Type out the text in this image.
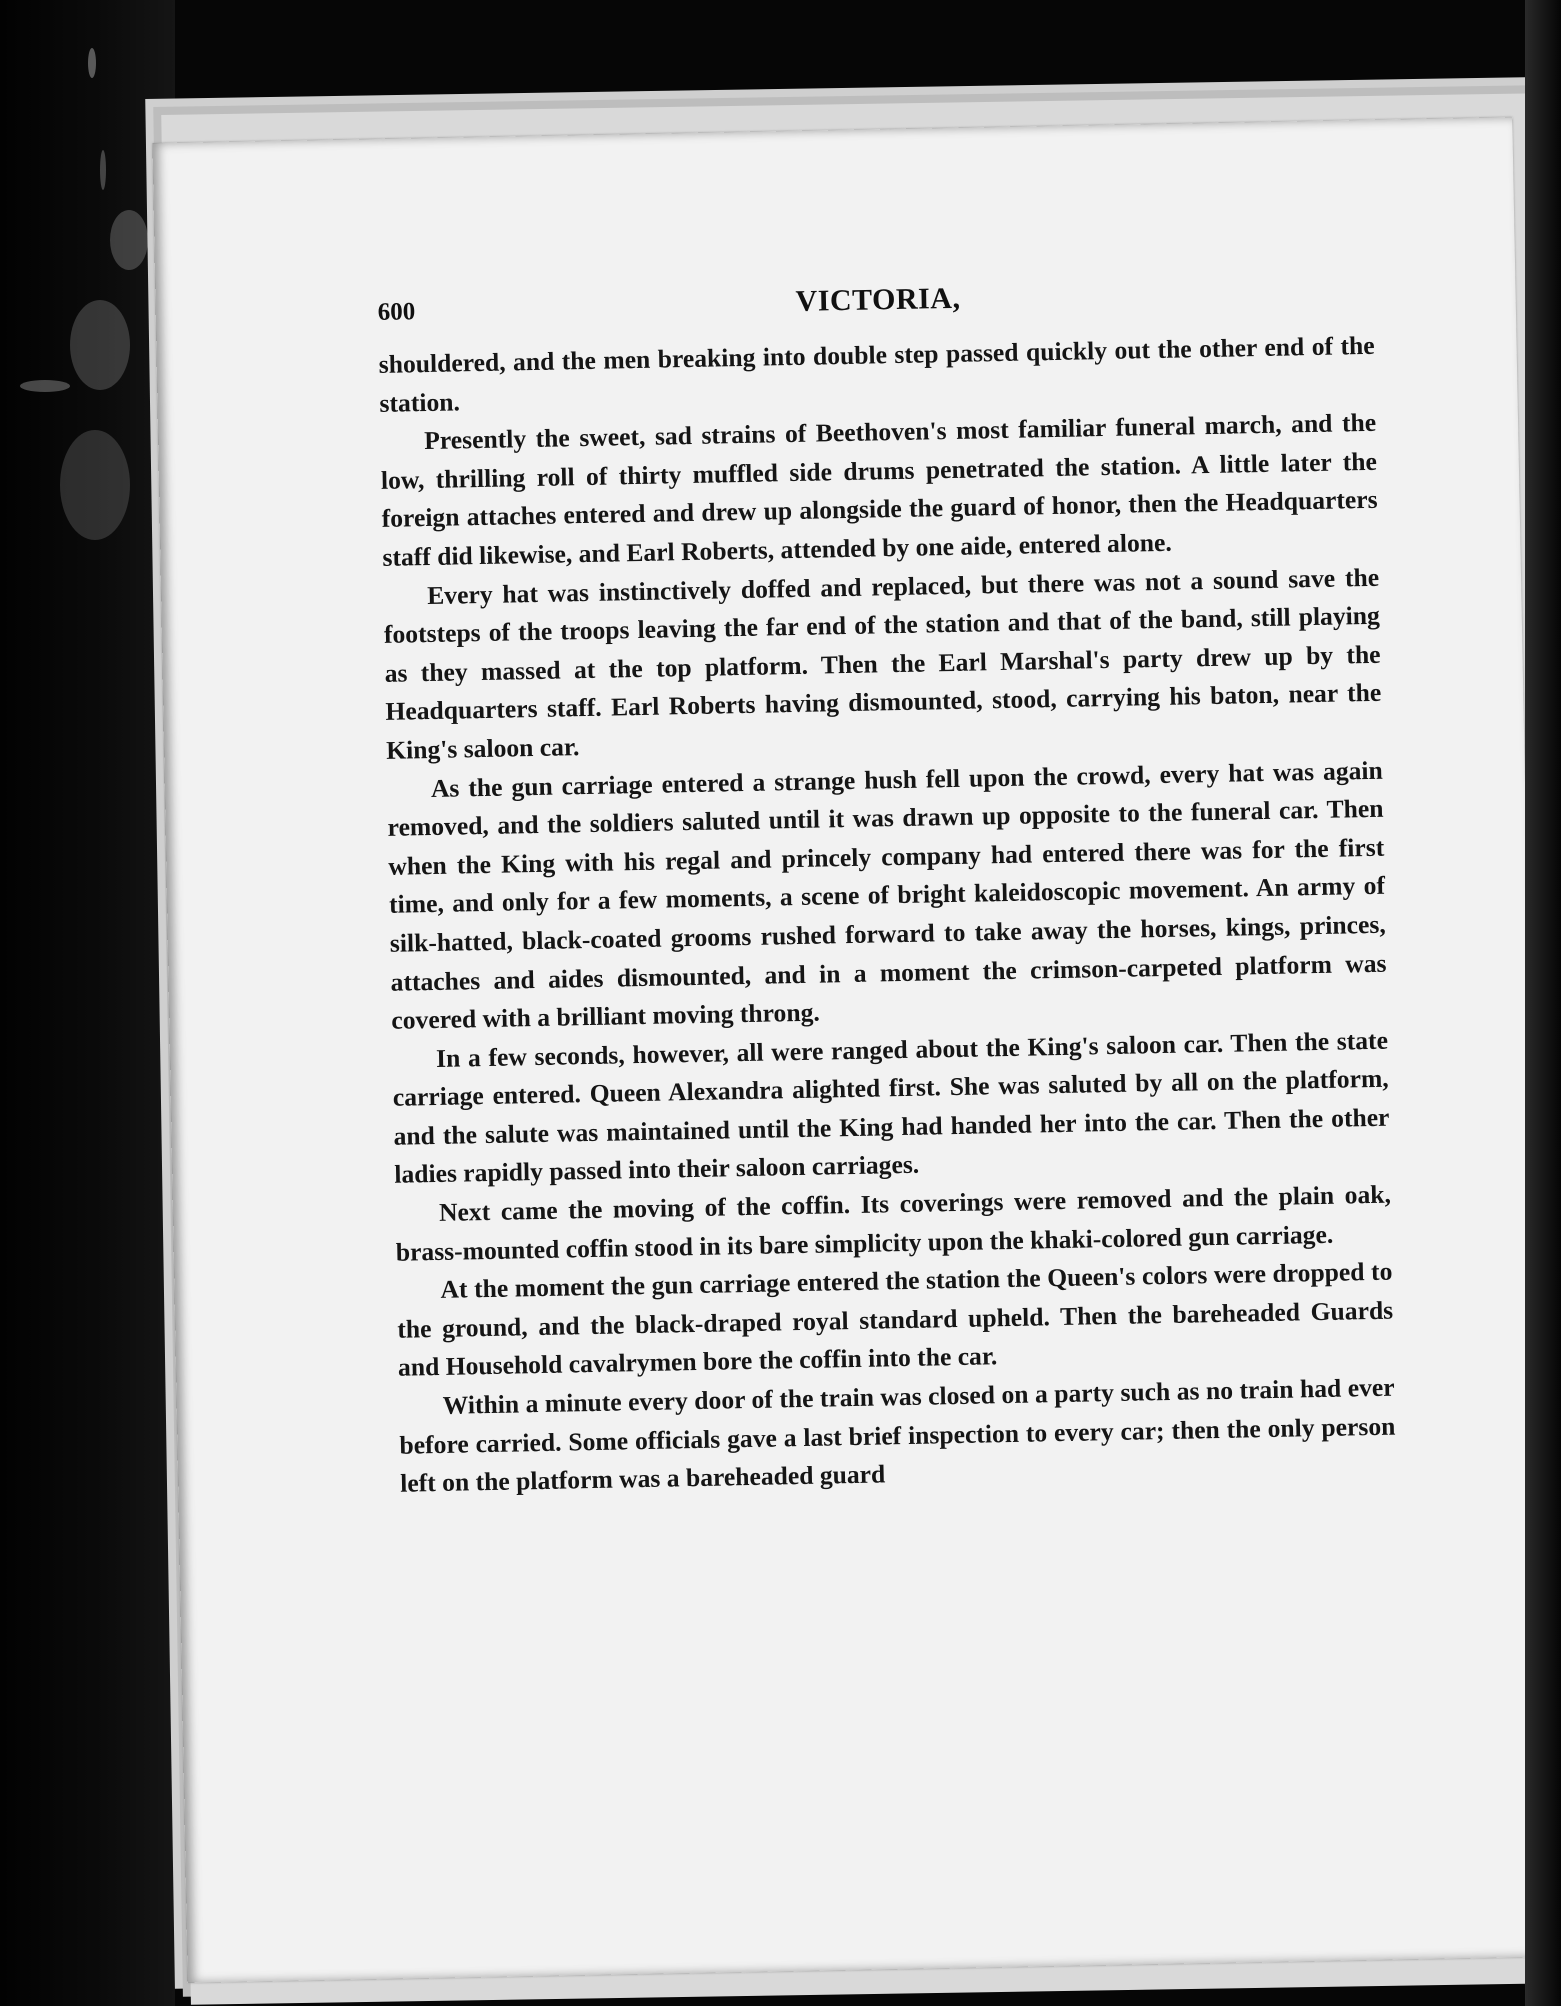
600	VICTORIA,

shouldered, and the men breaking into double step passed quickly out the other end of the station.

Presently the sweet, sad strains of Beethoven's most familiar funeral march, and the low, thrilling roll of thirty muffled side drums penetrated the station. A little later the foreign attaches entered and drew up alongside the guard of honor, then the Headquarters staff did likewise, and Earl Roberts, attended by one aide, entered alone.

Every hat was instinctively doffed and replaced, but there was not a sound save the footsteps of the troops leaving the far end of the station and that of the band, still playing as they massed at the top platform. Then the Earl Marshal's party drew up by the Headquarters staff. Earl Roberts having dismounted, stood, carrying his baton, near the King's saloon car.

As the gun carriage entered a strange hush fell upon the crowd, every hat was again removed, and the soldiers saluted until it was drawn up opposite to the funeral car. Then when the King with his regal and princely company had entered there was for the first time, and only for a few moments, a scene of bright kaleidoscopic movement. An army of silk-hatted, black-coated grooms rushed forward to take away the horses, kings, princes, attaches and aides dismounted, and in a moment the crimson-carpeted platform was covered with a brilliant moving throng.

In a few seconds, however, all were ranged about the King's saloon car. Then the state carriage entered. Queen Alexandra alighted first. She was saluted by all on the platform, and the salute was maintained until the King had handed her into the car. Then the other ladies rapidly passed into their saloon carriages.

Next came the moving of the coffin. Its coverings were removed and the plain oak, brass-mounted coffin stood in its bare simplicity upon the khaki-colored gun carriage.

At the moment the gun carriage entered the station the Queen's colors were dropped to the ground, and the black-draped royal standard upheld. Then the bareheaded Guards and Household cavalrymen bore the coffin into the car.

Within a minute every door of the train was closed on a party such as no train had ever before carried. Some officials gave a last brief inspection to every car; then the only person left on the platform was a bareheaded guard
